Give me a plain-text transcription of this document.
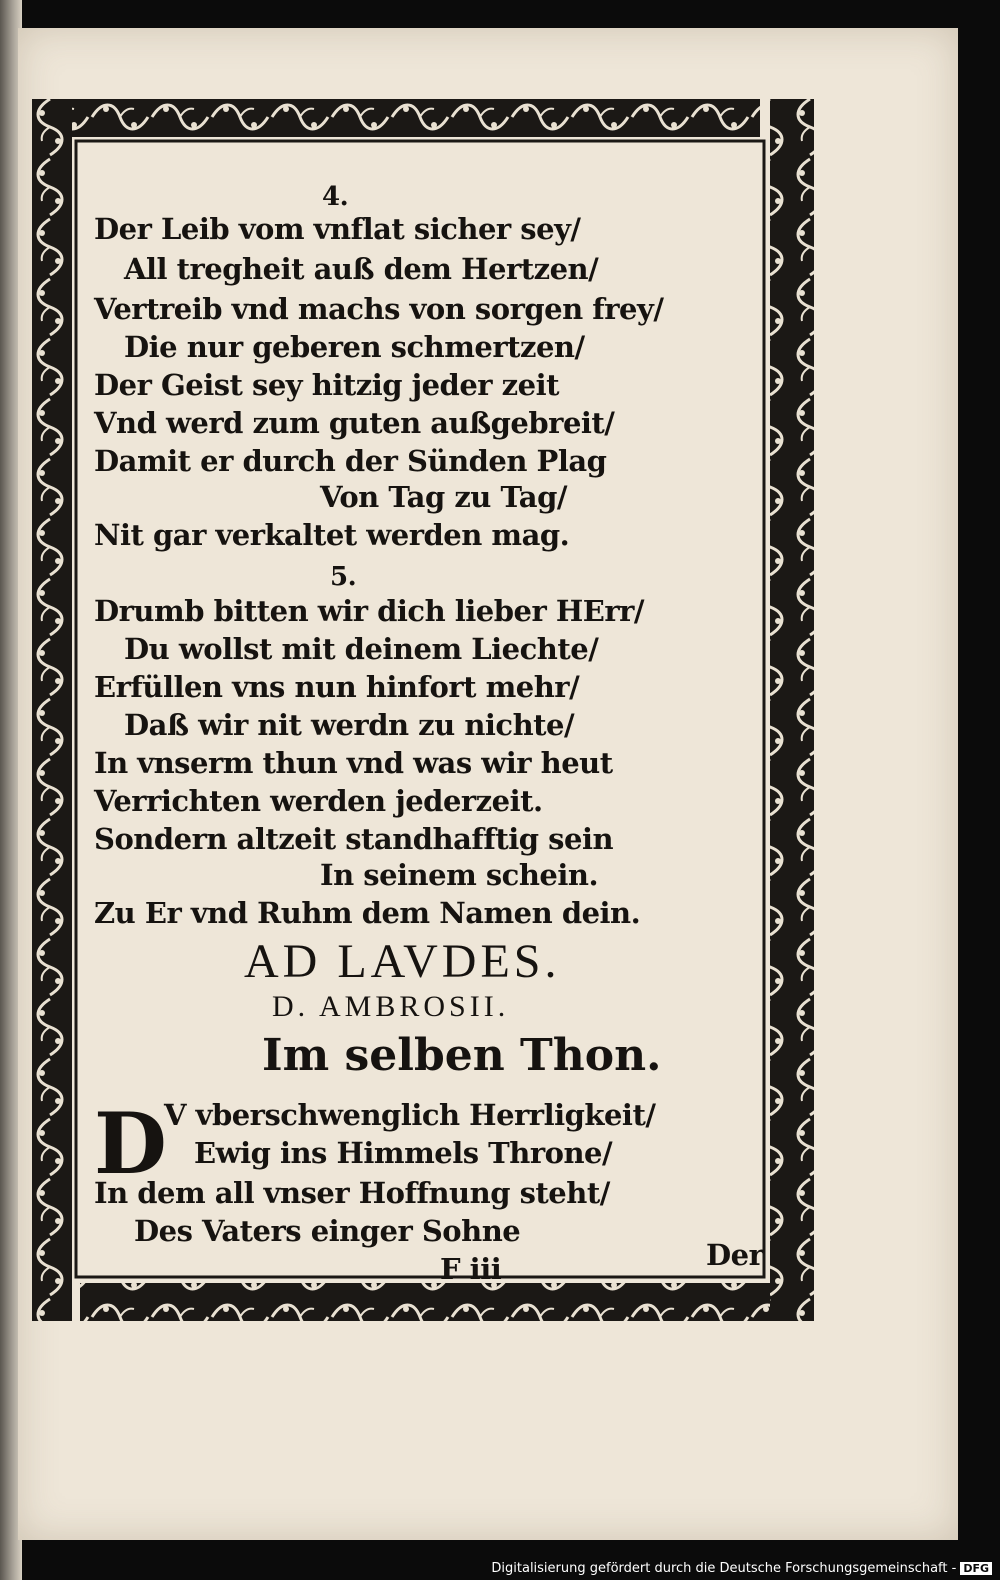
4.
Der Leib vom vnflat sicher sey/
All tregheit auß dem Hertzen/
Vertreib vnd machs von sorgen frey/
Die nur geberen schmertzen/
Der Geist sey hitzig jeder zeit
Vnd werd zum guten außgebreit/
Damit er durch der Sünden Plag
Von Tag zu Tag/
Nit gar verkaltet werden mag.
5.
Drumb bitten wir dich lieber HErr/
Du wollst mit deinem Liechte/
Erfüllen vns nun hinfort mehr/
Daß wir nit werdn zu nichte/
In vnserm thun vnd was wir heut
Verrichten werden jederzeit.
Sondern altzeit standhafftig sein
In seinem schein.
Zu Er vnd Ruhm dem Namen dein.
AD LAVDES.
D. AMBROSII.
Im selben Thon.
D
V vberschwenglich Herrligkeit/
Ewig ins Himmels Throne/
In dem all vnser Hoffnung steht/
Des Vaters einger Sohne
F iii	Der
Digitalisierung gefördert durch die Deutsche Forschungsgemeinschaft - DFG
